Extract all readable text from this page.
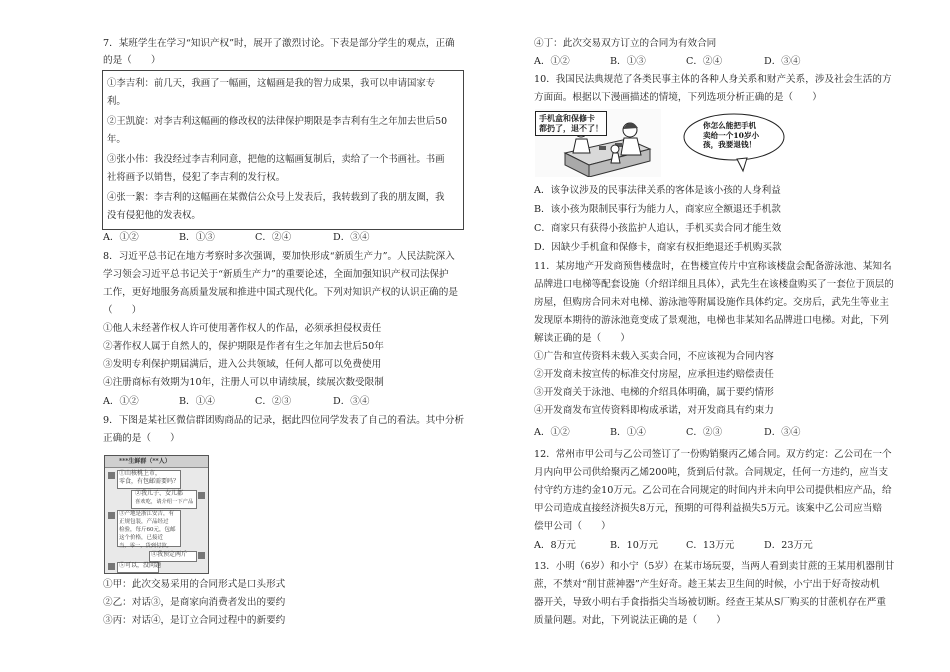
7．某班学生在学习“知识产权”时，展开了激烈讨论。下表是部分学生的观点，正确
的是（　　）
①李吉利：前几天，我画了一幅画，这幅画是我的智力成果，我可以申请国家专
利。
②王凯旋：对李吉利这幅画的修改权的法律保护期限是李吉利有生之年加去世后50
年。
③张小伟：我没经过李吉利同意，把他的这幅画复制后，卖给了一个书画社。书画
社将画予以销售，侵犯了李吉利的发行权。
④张一絮：李吉利的这幅画在某微信公众号上发表后，我转载到了我的朋友圈，我
没有侵犯他的发表权。
A．①②	B．①③	C．②④	D．③④
8．习近平总书记在地方考察时多次强调，要加快形成“新质生产力”。人民法院深入
学习领会习近平总书记关于“新质生产力”的重要论述，全面加强知识产权司法保护
工作，更好地服务高质量发展和推进中国式现代化。下列对知识产权的认识正确的是
（　　）
①他人未经著作权人许可使用著作权人的作品，必须承担侵权责任
②著作权人属于自然人的，保护期限是作者有生之年加去世后50年
③发明专利保护期届满后，进入公共领域，任何人都可以免费使用
④注册商标有效期为10年，注册人可以申请续展，续展次数受限制
A．①②	B．①④	C．②③	D．③④
9．下图是某社区微信群团购商品的记录，据此四位同学发表了自己的看法。其中分析
正确的是（　　）
***生鲜群（**人）
①山核桃上市，
零食，有包邮需要吗？
②我儿子、女儿都
喜欢吃，请介绍一下产品
③产地是浙江安吉，有
正规包装，产品经过
检验，每斤60元，包邮
这个价格，已接近
当，零一，货到付款。
④我预定两斤
⑤可以，没问题
①甲：此次交易采用的合同形式是口头形式
②乙：对话③，是商家向消费者发出的要约
③丙：对话④，是订立合同过程中的新要约
④丁：此次交易双方订立的合同为有效合同
A．①②	B．①③	C．②④	D．③④
10．我国民法典规范了各类民事主体的各种人身关系和财产关系，涉及社会生活的方
方面面。根据以下漫画描述的情境，下列选项分析正确的是（　　）
手机盒和保修卡
都扔了，退不了！	你怎么能把手机
卖给一个10岁小
孩，我要退钱！
A．该争议涉及的民事法律关系的客体是该小孩的人身利益
B．该小孩为限制民事行为能力人，商家应全额退还手机款
C．商家只有获得小孩监护人追认，手机买卖合同才能生效
D．因缺少手机盒和保修卡，商家有权拒绝退还手机购买款
11．某房地产开发商预售楼盘时，在售楼宣传片中宣称该楼盘会配备游泳池、某知名
品牌进口电梯等配套设施（介绍详细且具体），武先生在该楼盘购买了一套位于顶层的
房屋，但购房合同未对电梯、游泳池等附属设施作具体约定。交房后，武先生等业主
发现原本期待的游泳池竟变成了景观池，电梯也非某知名品牌进口电梯。对此，下列
解读正确的是（　　）
①广告和宣传资料未载入买卖合同，不应该视为合同内容
②开发商未按宣传的标准交付房屋，应承担违约赔偿责任
③开发商关于泳池、电梯的介绍具体明确，属于要约情形
④开发商发布宣传资料即构成承诺，对开发商具有约束力
A．①②	B．①④	C．②③	D．③④
12．常州市甲公司与乙公司签订了一份购销聚丙乙烯合同。双方约定：乙公司在一个
月内向甲公司供给聚丙乙烯200吨，货到后付款。合同规定，任何一方违约，应当支
付守约方违约金10万元。乙公司在合同规定的时间内并未向甲公司提供相应产品，给
甲公司造成直接经济损失8万元，预期的可得利益损失5万元。该案中乙公司应当赔
偿甲公司（　　）
A．8万元	B．10万元	C．13万元	D．23万元
13．小明（6岁）和小宁（5岁）在某市场玩耍，当两人看到卖甘蔗的王某用机器削甘
蔗，不禁对“削甘蔗神器”产生好奇。趁王某去卫生间的时候，小宁出于好奇按动机
器开关，导致小明右手食指指尖当场被切断。经查王某从S厂购买的甘蔗机存在严重
质量问题。对此，下列说法正确的是（　　）
